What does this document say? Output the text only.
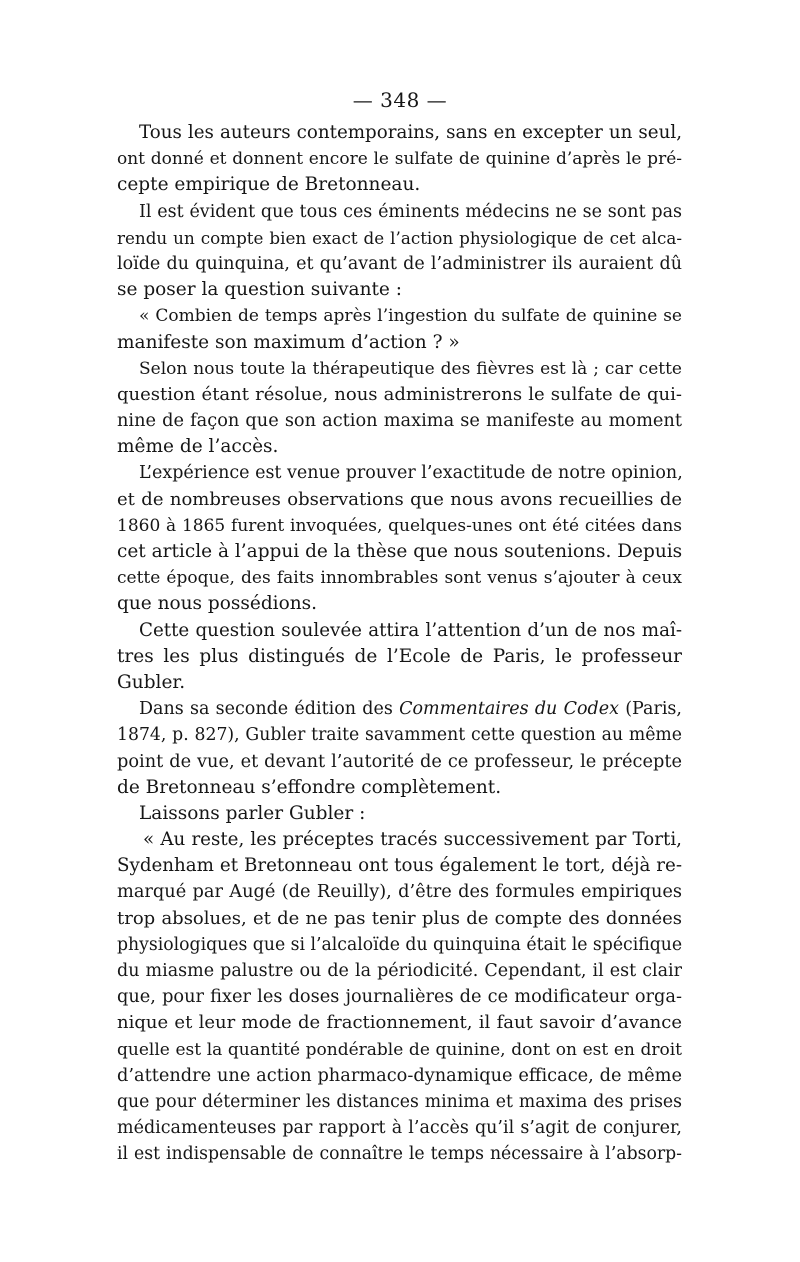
— 348 —
Tous les auteurs contemporains, sans en excepter un seul,
ont donné et donnent encore le sulfate de quinine d’après le pré-
cepte empirique de Bretonneau.
Il est évident que tous ces éminents médecins ne se sont pas
rendu un compte bien exact de l’action physiologique de cet alca-
loïde du quinquina, et qu’avant de l’administrer ils auraient dû
se poser la question suivante :
« Combien de temps après l’ingestion du sulfate de quinine se
manifeste son maximum d’action ? »
Selon nous toute la thérapeutique des fièvres est là ; car cette
question étant résolue, nous administrerons le sulfate de qui-
nine de façon que son action maxima se manifeste au moment
même de l’accès.
L’expérience est venue prouver l’exactitude de notre opinion,
et de nombreuses observations que nous avons recueillies de
1860 à 1865 furent invoquées, quelques-unes ont été citées dans
cet article à l’appui de la thèse que nous soutenions. Depuis
cette époque, des faits innombrables sont venus s’ajouter à ceux
que nous possédions.
Cette question soulevée attira l’attention d’un de nos maî-
tres les plus distingués de l’Ecole de Paris, le professeur
Gubler.
Dans sa seconde édition des Commentaires du Codex (Paris,
1874, p. 827), Gubler traite savamment cette question au même
point de vue, et devant l’autorité de ce professeur, le précepte
de Bretonneau s’effondre complètement.
Laissons parler Gubler :
« Au reste, les préceptes tracés successivement par Torti,
Sydenham et Bretonneau ont tous également le tort, déjà re-
marqué par Augé (de Reuilly), d’être des formules empiriques
trop absolues, et de ne pas tenir plus de compte des données
physiologiques que si l’alcaloïde du quinquina était le spécifique
du miasme palustre ou de la périodicité. Cependant, il est clair
que, pour fixer les doses journalières de ce modificateur orga-
nique et leur mode de fractionnement, il faut savoir d’avance
quelle est la quantité pondérable de quinine, dont on est en droit
d’attendre une action pharmaco-dynamique efficace, de même
que pour déterminer les distances minima et maxima des prises
médicamenteuses par rapport à l’accès qu’il s’agit de conjurer,
il est indispensable de connaître le temps nécessaire à l’absorp-
